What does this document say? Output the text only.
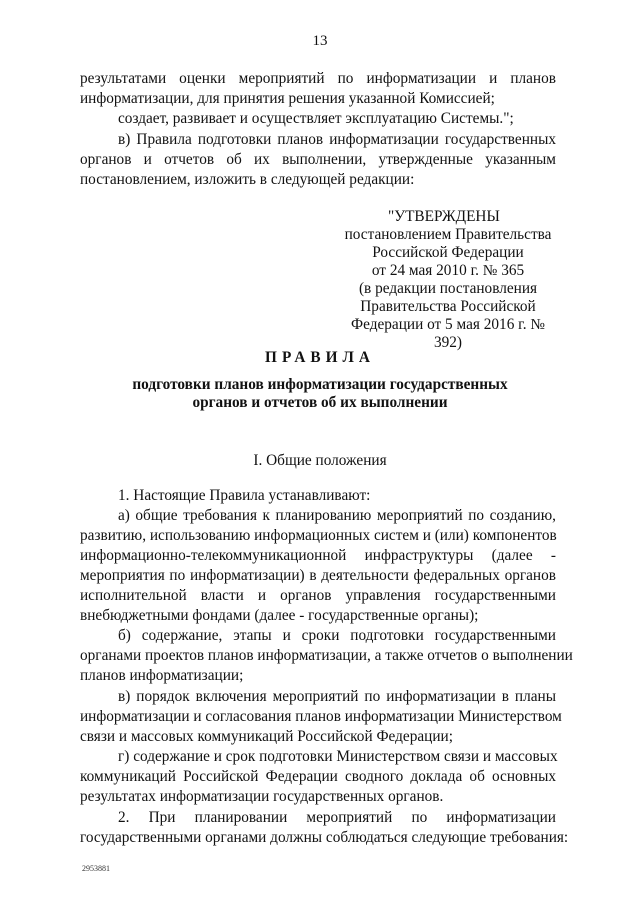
13
результатами оценки мероприятий по информатизации и планов
информатизации, для принятия решения указанной Комиссией;
создает, развивает и осуществляет эксплуатацию Системы.";
в) Правила подготовки планов информатизации государственных
органов и отчетов об их выполнении, утвержденные указанным
постановлением, изложить в следующей редакции:
"УТВЕРЖДЕНЫ
постановлением Правительства
Российской Федерации
от 24 мая 2010 г. № 365
(в редакции постановления
Правительства Российской
Федерации от 5 мая 2016 г. № 392)
ПРАВИЛА
подготовки планов информатизации государственных
органов и отчетов об их выполнении
I. Общие положения
1. Настоящие Правила устанавливают:
а) общие требования к планированию мероприятий по созданию,
развитию, использованию информационных систем и (или) компонентов
информационно-телекоммуникационной инфраструктуры (далее -
мероприятия по информатизации) в деятельности федеральных органов
исполнительной власти и органов управления государственными
внебюджетными фондами (далее - государственные органы);
б) содержание, этапы и сроки подготовки государственными
органами проектов планов информатизации, а также отчетов о выполнении
планов информатизации;
в) порядок включения мероприятий по информатизации в планы
информатизации и согласования планов информатизации Министерством
связи и массовых коммуникаций Российской Федерации;
г) содержание и срок подготовки Министерством связи и массовых
коммуникаций Российской Федерации сводного доклада об основных
результатах информатизации государственных органов.
2. При планировании мероприятий по информатизации
государственными органами должны соблюдаться следующие требования:
2953881
